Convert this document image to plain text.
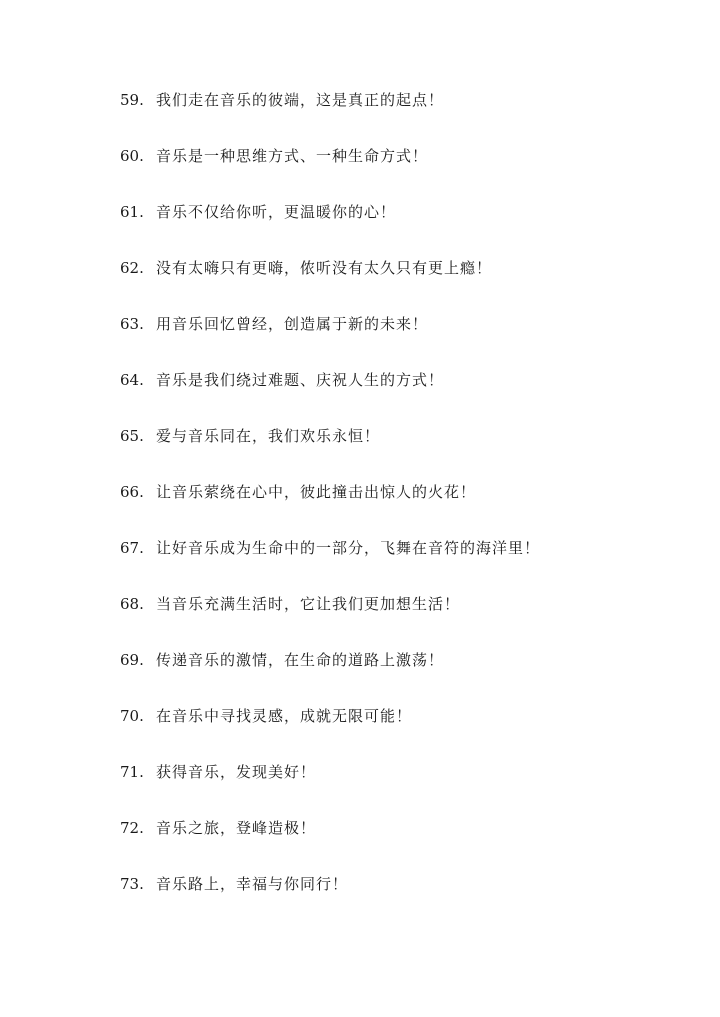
59. 我们走在音乐的彼端，这是真正的起点！
60. 音乐是一种思维方式、一种生命方式！
61. 音乐不仅给你听，更温暖你的心！
62. 没有太嗨只有更嗨，侬听没有太久只有更上瘾！
63. 用音乐回忆曾经，创造属于新的未来！
64. 音乐是我们绕过难题、庆祝人生的方式！
65. 爱与音乐同在，我们欢乐永恒！
66. 让音乐萦绕在心中，彼此撞击出惊人的火花！
67. 让好音乐成为生命中的一部分，飞舞在音符的海洋里！
68. 当音乐充满生活时，它让我们更加想生活！
69. 传递音乐的激情，在生命的道路上激荡！
70. 在音乐中寻找灵感，成就无限可能！
71. 获得音乐，发现美好！
72. 音乐之旅，登峰造极！
73. 音乐路上，幸福与你同行！
